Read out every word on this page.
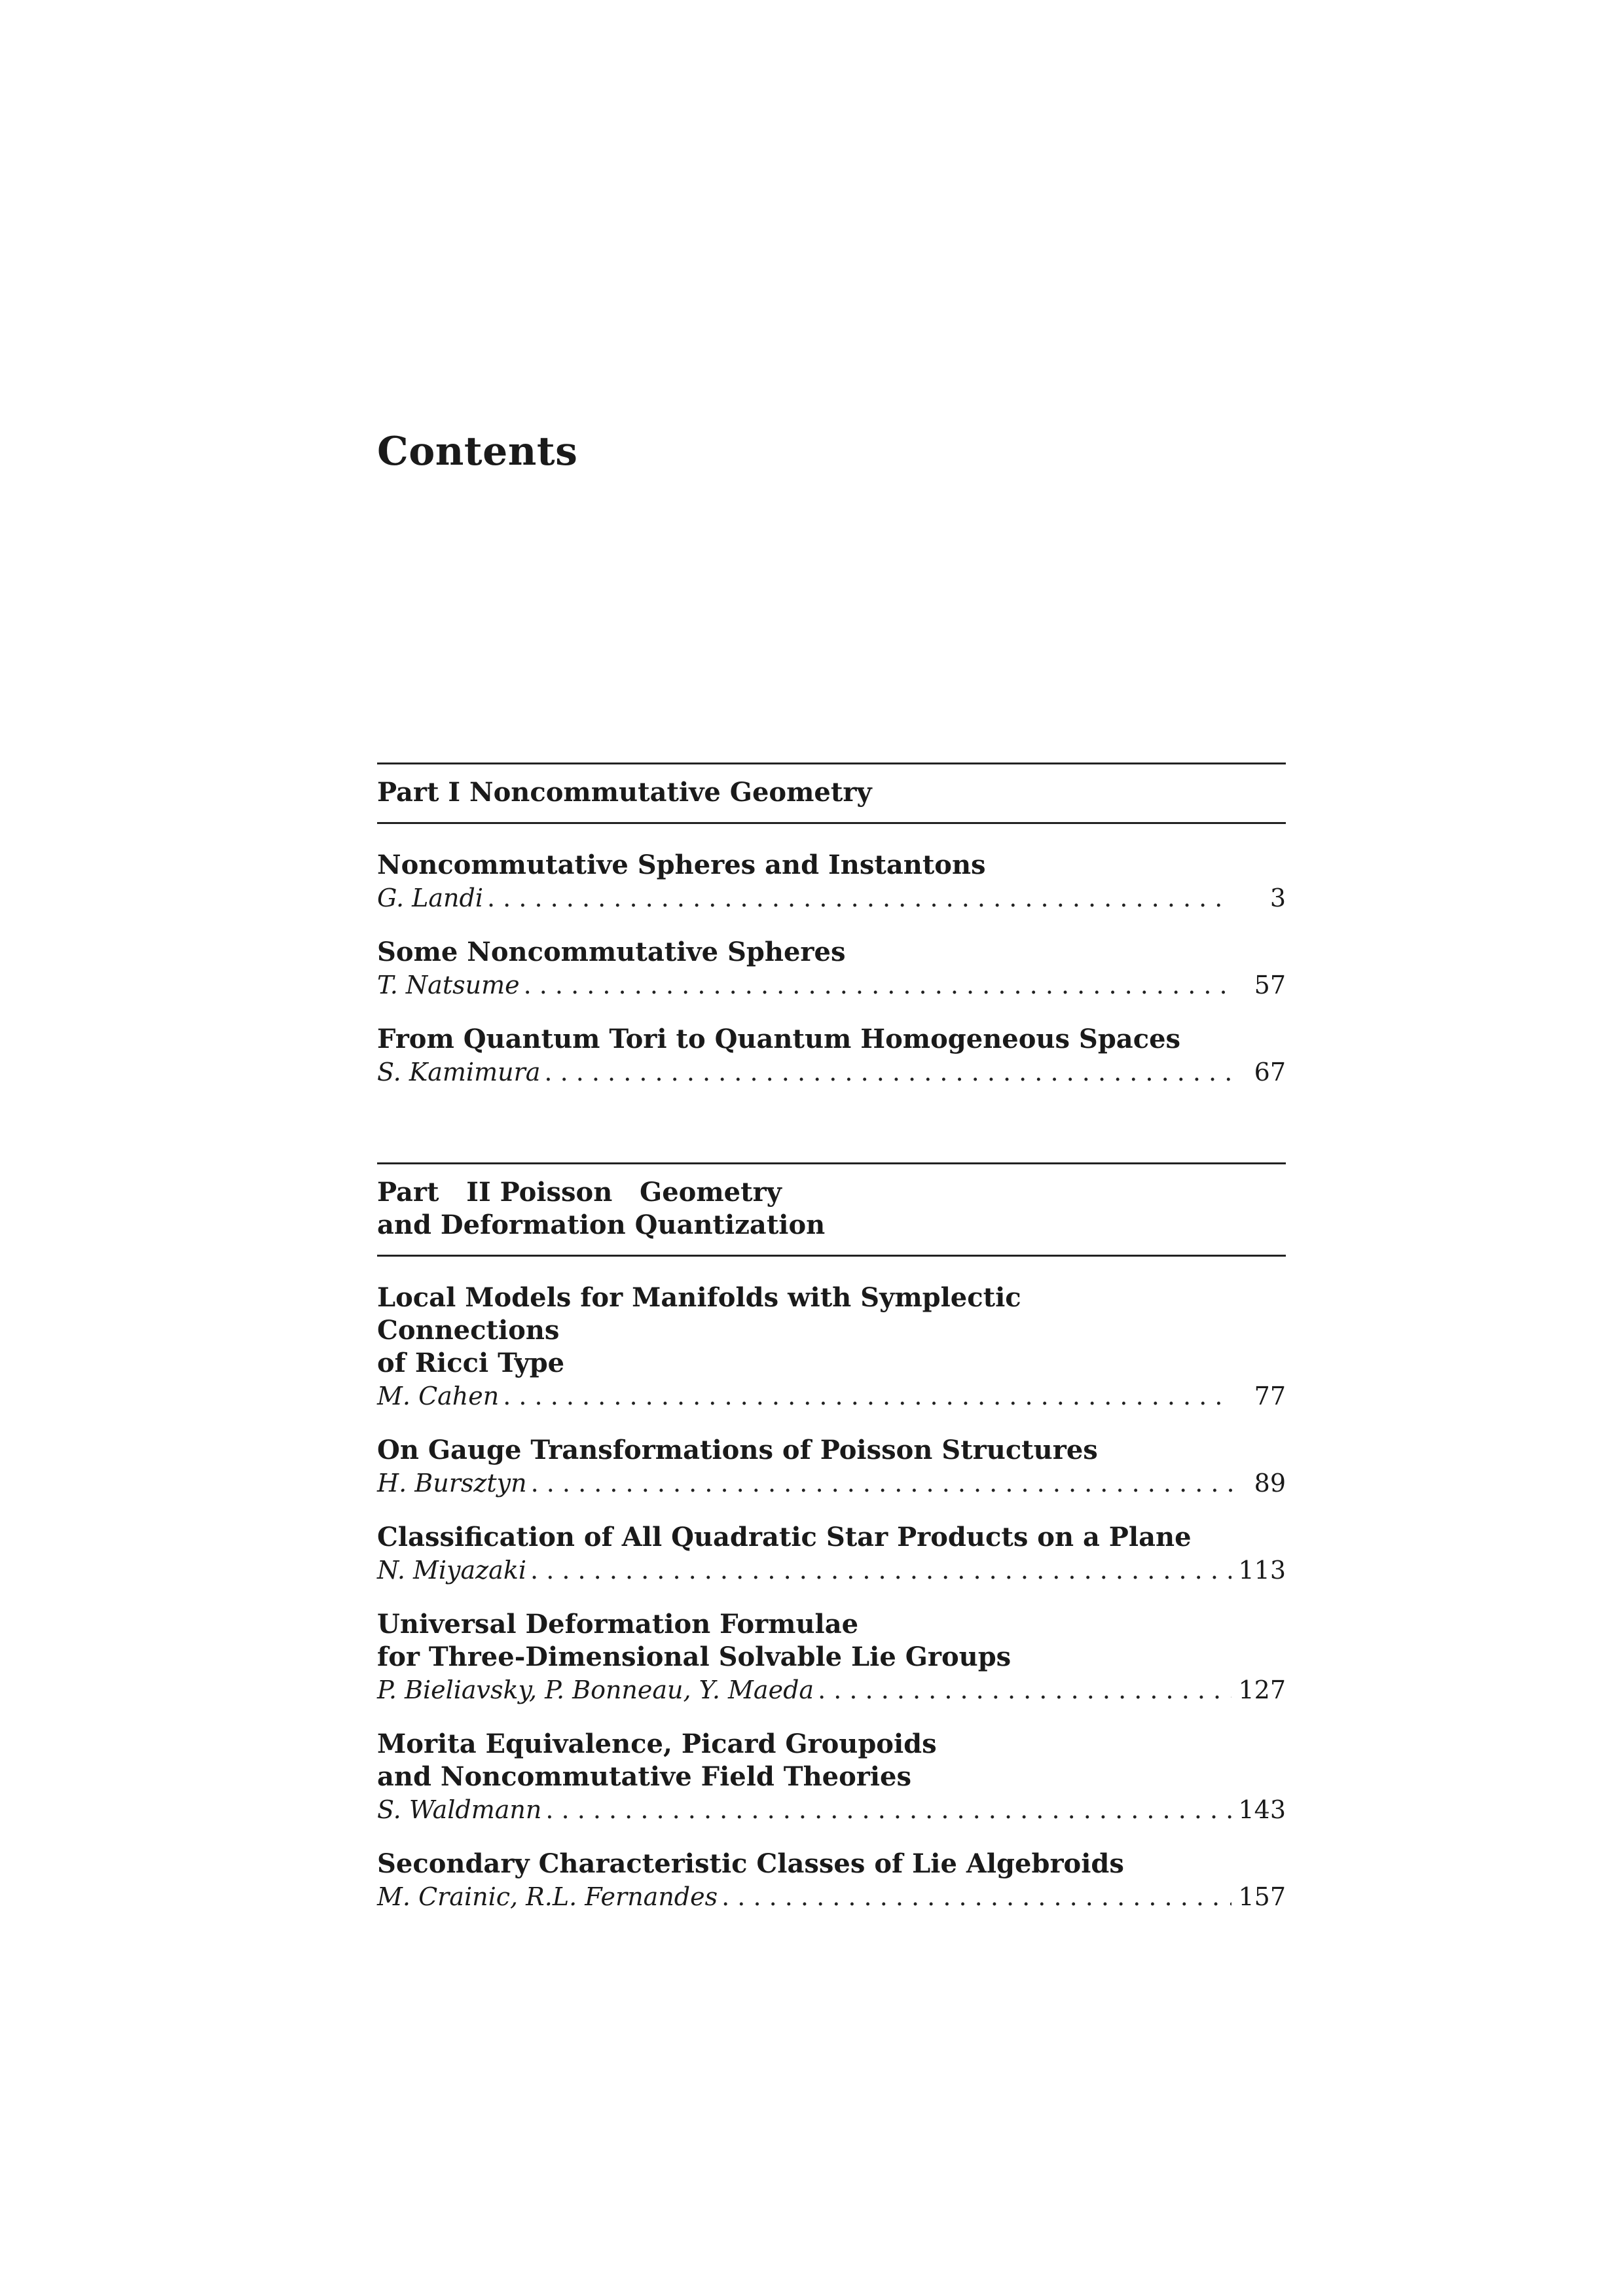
Contents
Part I Noncommutative Geometry
Noncommutative Spheres and Instantons
G. Landi . . .	3
Some Noncommutative Spheres
T. Natsume . . .	57
From Quantum Tori to Quantum Homogeneous Spaces
S. Kamimura . . .	67
Part   II Poisson   Geometry
and Deformation Quantization
Local Models for Manifolds with Symplectic Connections
of Ricci Type
M. Cahen . . .	77
On Gauge Transformations of Poisson Structures
H. Bursztyn . . .	89
Classification of All Quadratic Star Products on a Plane
N. Miyazaki . . .	113
Universal Deformation Formulae
for Three-Dimensional Solvable Lie Groups
P. Bieliavsky, P. Bonneau, Y. Maeda . . .	127
Morita Equivalence, Picard Groupoids
and Noncommutative Field Theories
S. Waldmann . . .	143
Secondary Characteristic Classes of Lie Algebroids
M. Crainic, R.L. Fernandes . . .	157
